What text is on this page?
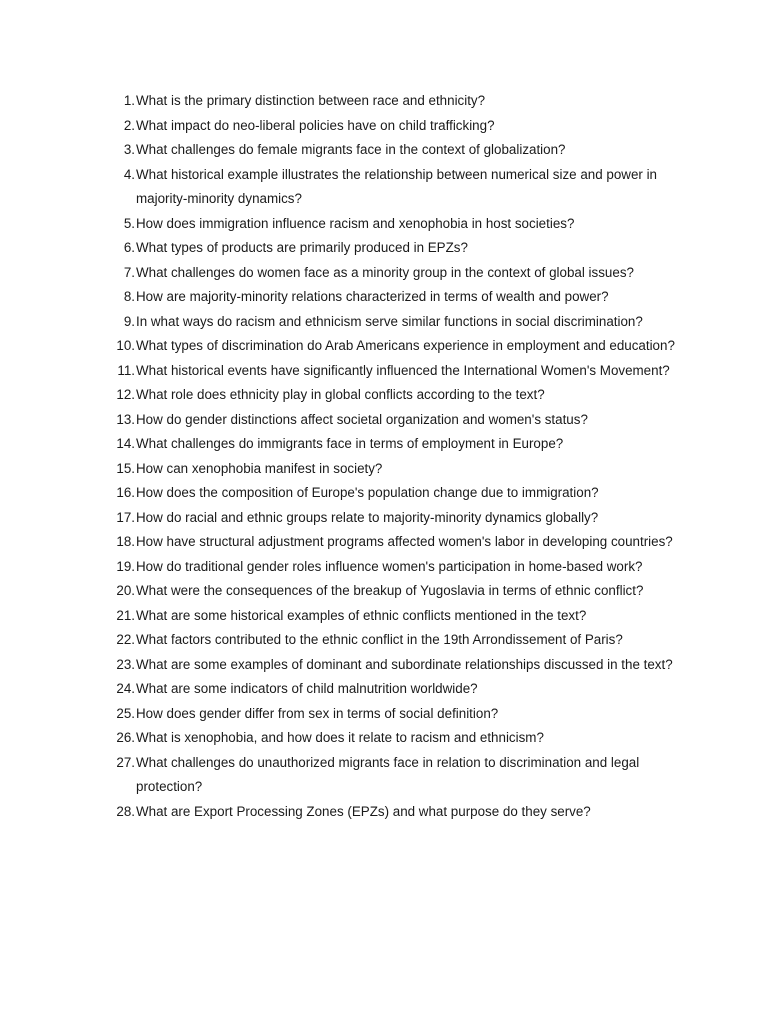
1. What is the primary distinction between race and ethnicity?
2. What impact do neo-liberal policies have on child trafficking?
3. What challenges do female migrants face in the context of globalization?
4. What historical example illustrates the relationship between numerical size and power in majority-minority dynamics?
5. How does immigration influence racism and xenophobia in host societies?
6. What types of products are primarily produced in EPZs?
7. What challenges do women face as a minority group in the context of global issues?
8. How are majority-minority relations characterized in terms of wealth and power?
9. In what ways do racism and ethnicism serve similar functions in social discrimination?
10. What types of discrimination do Arab Americans experience in employment and education?
11. What historical events have significantly influenced the International Women's Movement?
12. What role does ethnicity play in global conflicts according to the text?
13. How do gender distinctions affect societal organization and women's status?
14. What challenges do immigrants face in terms of employment in Europe?
15. How can xenophobia manifest in society?
16. How does the composition of Europe's population change due to immigration?
17. How do racial and ethnic groups relate to majority-minority dynamics globally?
18. How have structural adjustment programs affected women's labor in developing countries?
19. How do traditional gender roles influence women's participation in home-based work?
20. What were the consequences of the breakup of Yugoslavia in terms of ethnic conflict?
21. What are some historical examples of ethnic conflicts mentioned in the text?
22. What factors contributed to the ethnic conflict in the 19th Arrondissement of Paris?
23. What are some examples of dominant and subordinate relationships discussed in the text?
24. What are some indicators of child malnutrition worldwide?
25. How does gender differ from sex in terms of social definition?
26. What is xenophobia, and how does it relate to racism and ethnicism?
27. What challenges do unauthorized migrants face in relation to discrimination and legal protection?
28. What are Export Processing Zones (EPZs) and what purpose do they serve?
